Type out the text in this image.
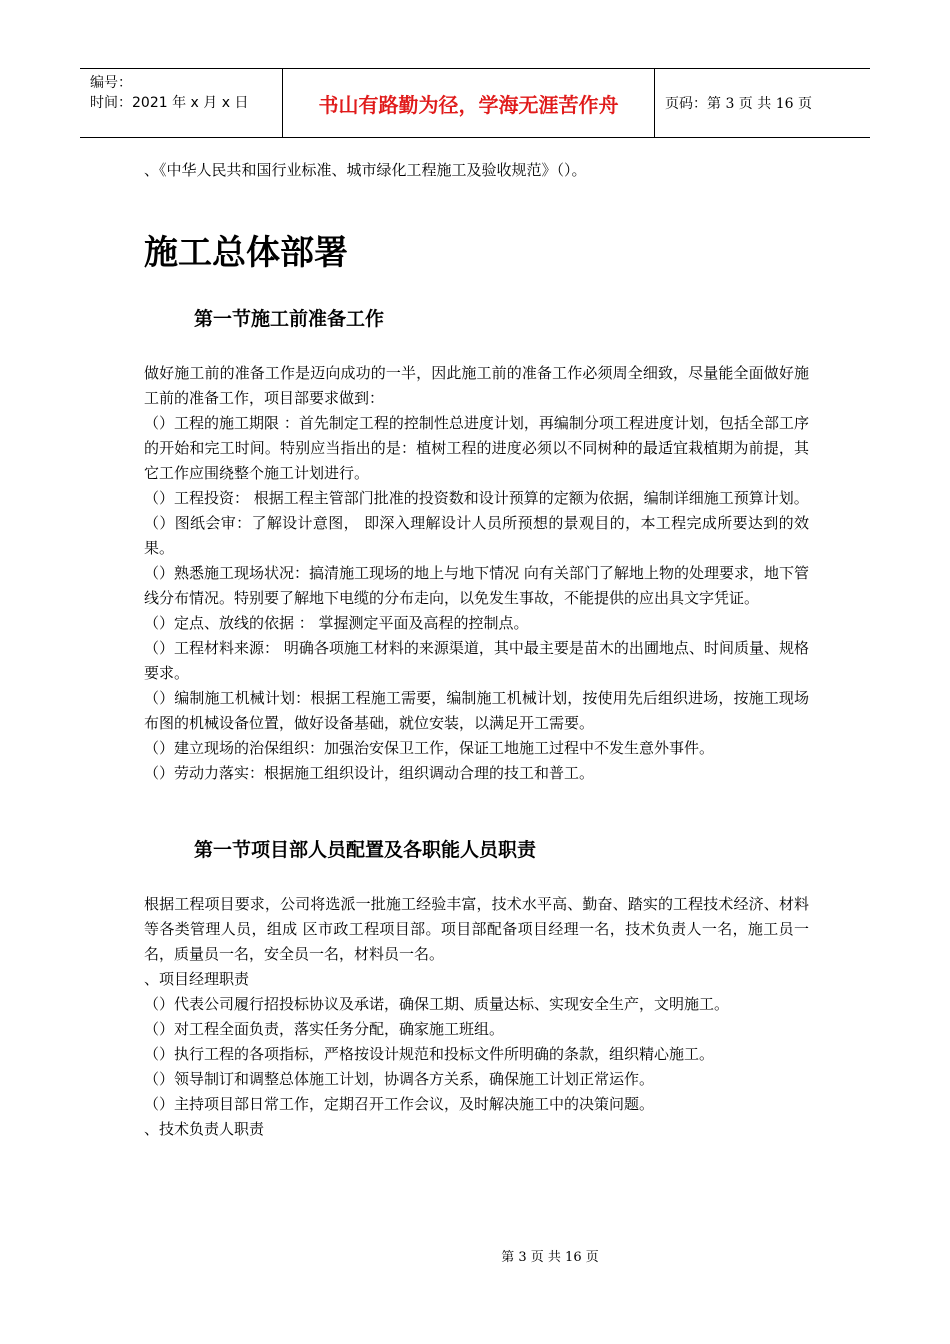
编号：
时间：2021 年 x 月 x 日	书山有路勤为径，学海无涯苦作舟	页码：第 3 页 共 16 页

、《中华人民共和国行业标准、城市绿化工程施工及验收规范》（）。

施工总体部署
第一节施工前准备工作

做好施工前的准备工作是迈向成功的一半，因此施工前的准备工作必须周全细致，尽量能全面做好施工前的准备工作，项目部要求做到：

（）工程的施工期限 ：首先制定工程的控制性总进度计划，再编制分项工程进度计划，包括全部工序的开始和完工时间。特别应当指出的是：植树工程的进度必须以不同树种的最适宜栽植期为前提，其它工作应围绕整个施工计划进行。

（）工程投资： 根据工程主管部门批准的投资数和设计预算的定额为依据，编制详细施工预算计划。

（）图纸会审：了解设计意图， 即深入理解设计人员所预想的景观目的，本工程完成所要达到的效果。

（）熟悉施工现场状况：搞清施工现场的地上与地下情况 向有关部门了解地上物的处理要求，地下管线分布情况。特别要了解地下电缆的分布走向，以免发生事故，不能提供的应出具文字凭证。

（）定点、放线的依据 ： 掌握测定平面及高程的控制点。

（）工程材料来源： 明确各项施工材料的来源渠道，其中最主要是苗木的出圃地点、时间质量、规格要求。

（）编制施工机械计划：根据工程施工需要，编制施工机械计划，按使用先后组织进场，按施工现场布图的机械设备位置，做好设备基础，就位安装，以满足开工需要。

（）建立现场的治保组织：加强治安保卫工作，保证工地施工过程中不发生意外事件。

（）劳动力落实：根据施工组织设计，组织调动合理的技工和普工。

第一节项目部人员配置及各职能人员职责

根据工程项目要求，公司将选派一批施工经验丰富，技术水平高、勤奋、踏实的工程技术经济、材料等各类管理人员，组成 区市政工程项目部。项目部配备项目经理一名，技术负责人一名，施工员一名，质量员一名，安全员一名，材料员一名。

、项目经理职责

（）代表公司履行招投标协议及承诺，确保工期、质量达标、实现安全生产，文明施工。

（）对工程全面负责，落实任务分配，确家施工班组。

（）执行工程的各项指标，严格按设计规范和投标文件所明确的条款，组织精心施工。

（）领导制订和调整总体施工计划，协调各方关系，确保施工计划正常运作。

（）主持项目部日常工作，定期召开工作会议，及时解决施工中的决策问题。

、技术负责人职责

第 3 页 共 16 页
